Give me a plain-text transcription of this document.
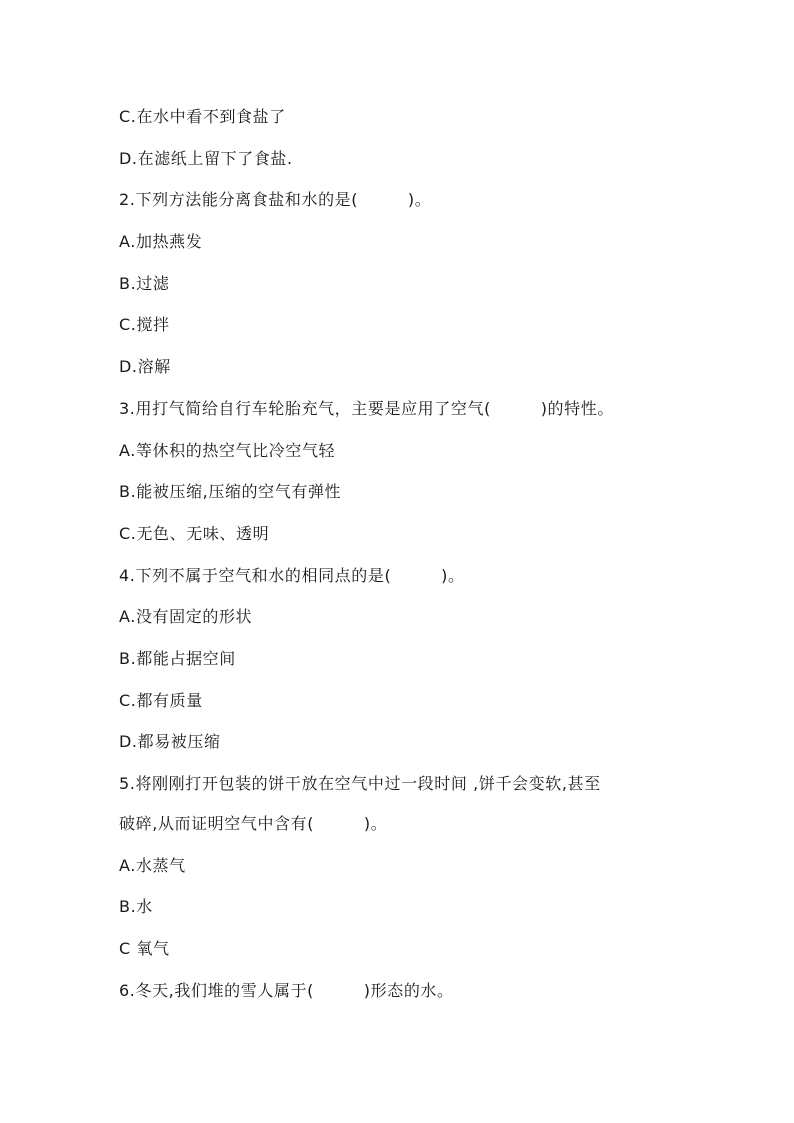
C.在水中看不到食盐了
D.在滤纸上留下了食盐.
2.下列方法能分离食盐和水的是(　　　)。
A.加热燕发
B.过滤
C.搅拌
D.溶解
3.用打气简给自行车轮胎充气，主要是应用了空气(　　　)的特性。
A.等休积的热空气比冷空气轻
B.能被压缩,压缩的空气有弹性
C.无色、无味、透明
4.下列不属于空气和水的相同点的是(　　　)。
A.没有固定的形状
B.都能占据空间
C.都有质量
D.都易被压缩
5.将刚刚打开包装的饼干放在空气中过一段时间 ,饼千会变软,甚至
破碎,从而证明空气中含有(　　　)。
A.水蒸气
B.水
C 氧气
6.冬天,我们堆的雪人属于(　　　)形态的水。
